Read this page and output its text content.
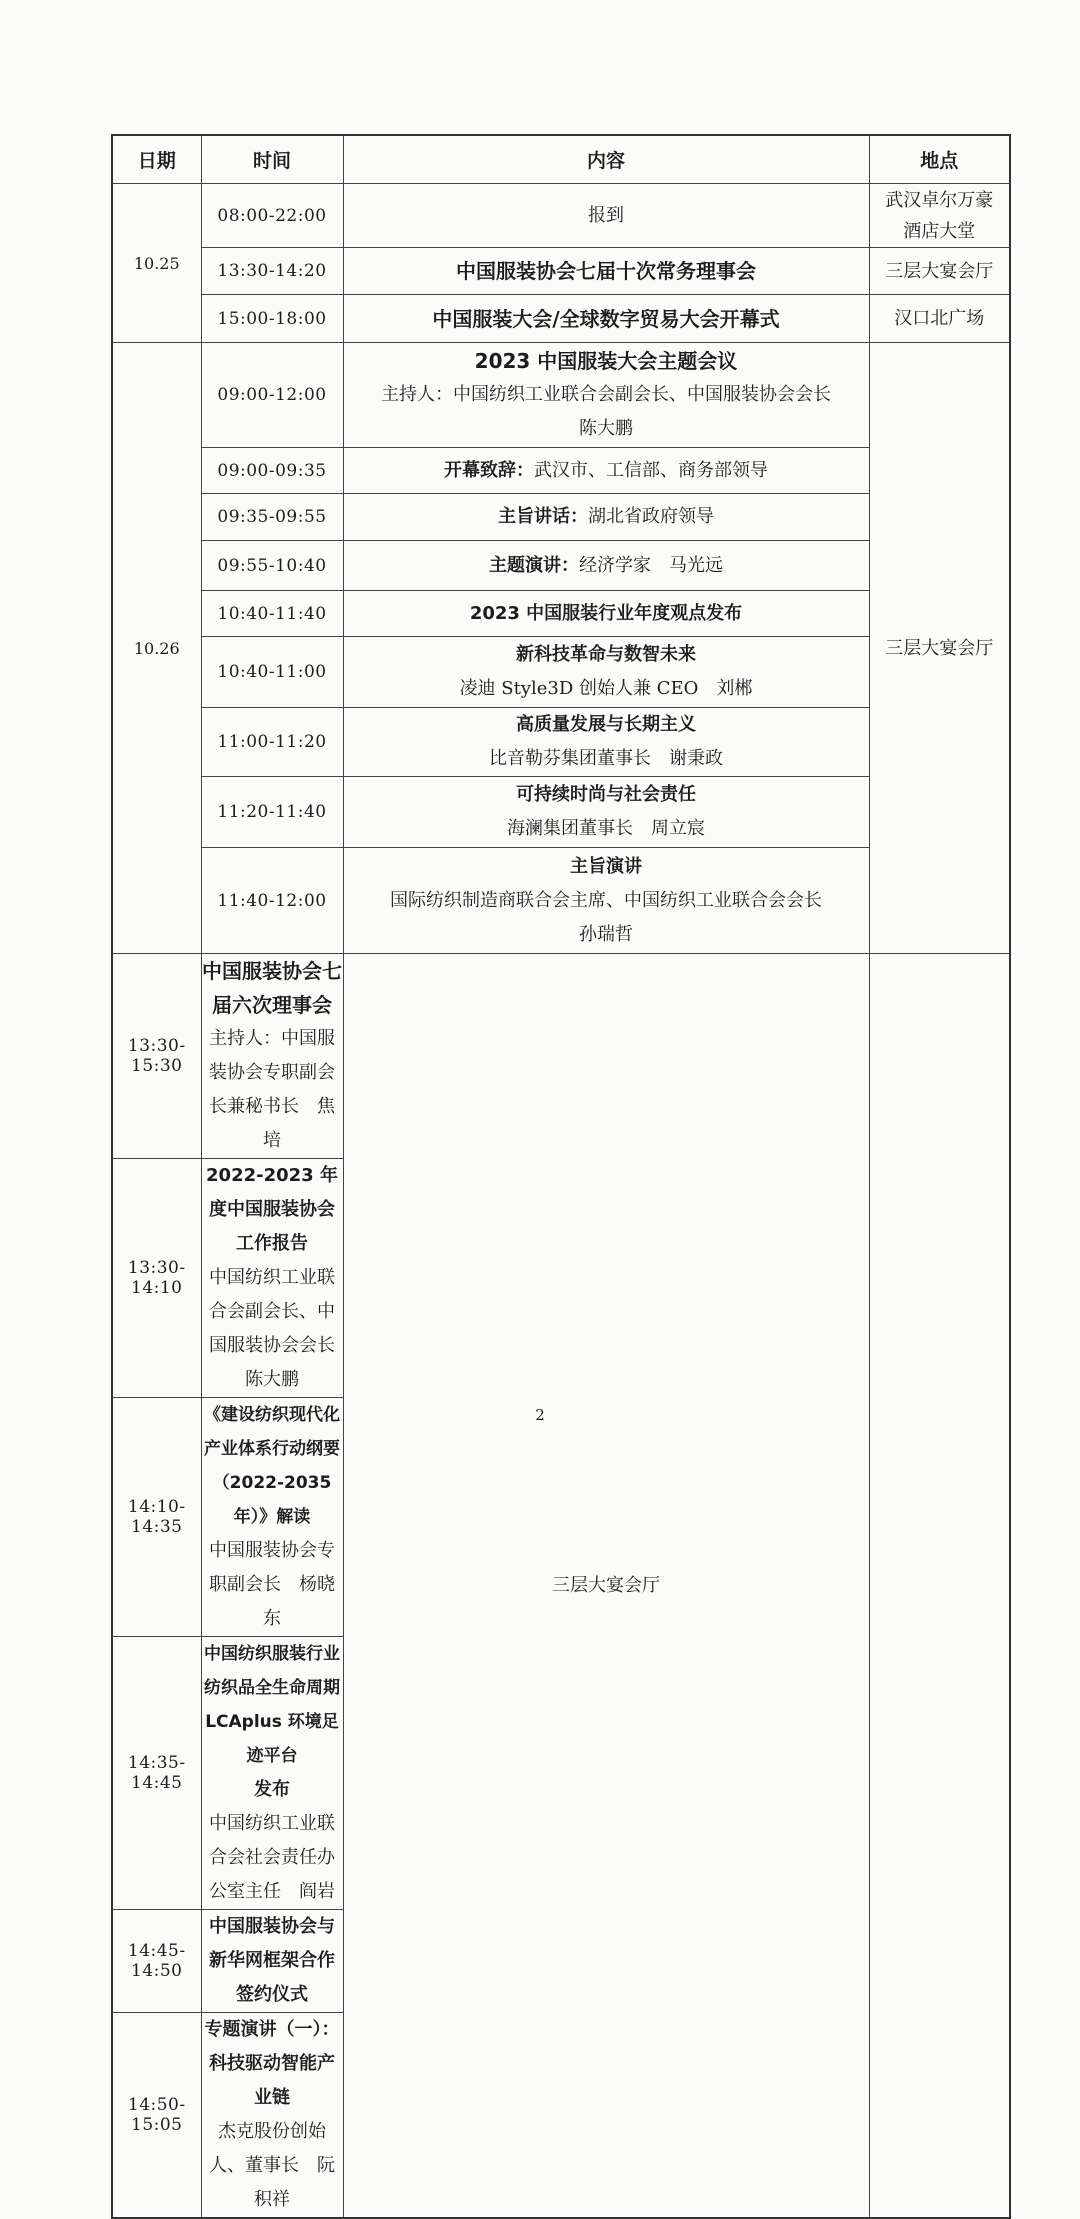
日期	时间	内容	地点
10.25	08:00-22:00	报到	武汉卓尔万豪
酒店大堂

	13:30-14:20	中国服装协会七届十次常务理事会	三层大宴会厅
	15:00-18:00	中国服装大会/全球数字贸易大会开幕式	汉口北广场
10.26	09:00-12:00	2023 中国服装大会主题会议
主持人：中国纺织工业联合会副会长、中国服装协会会长
陈大鹏	三层大宴会厅
	09:00-09:35	开幕致辞：武汉市、工信部、商务部领导	

	09:35-09:55	主旨讲话：湖北省政府领导	

	09:55-10:40	主题演讲：经济学家　马光远	

	10:40-11:40	2023 中国服装行业年度观点发布	

	10:40-11:00	新科技革命与数智未来
凌迪 Style3D 创始人兼 CEO　刘郴	

	11:00-11:20	高质量发展与长期主义
比音勒芬集团董事长　谢秉政	

	11:20-11:40	可持续时尚与社会责任
海澜集团董事长　周立宸	

	11:40-12:00	主旨演讲
国际纺织制造商联合会主席、中国纺织工业联合会会长
孙瑞哲	

13:30-15:30	中国服装协会七届六次理事会
主持人：中国服装协会专职副会长兼秘书长　焦培	三层大宴会厅	
13:30-14:10	2022-2023 年度中国服装协会工作报告
中国纺织工业联合会副会长、中国服装协会会长　陈大鹏		

14:10-14:35	《建设纺织现代化产业体系行动纲要（2022-2035 年）》解读
中国服装协会专职副会长　杨晓东		

14:35-14:45	中国纺织服装行业纺织品全生命周期 LCAplus 环境足迹平台
发布
中国纺织工业联合会社会责任办公室主任　阎岩		

14:45-14:50	中国服装协会与新华网框架合作签约仪式		

14:50-15:05	专题演讲（一）：科技驱动智能产业链
杰克股份创始人、董事长　阮积祥		
2
